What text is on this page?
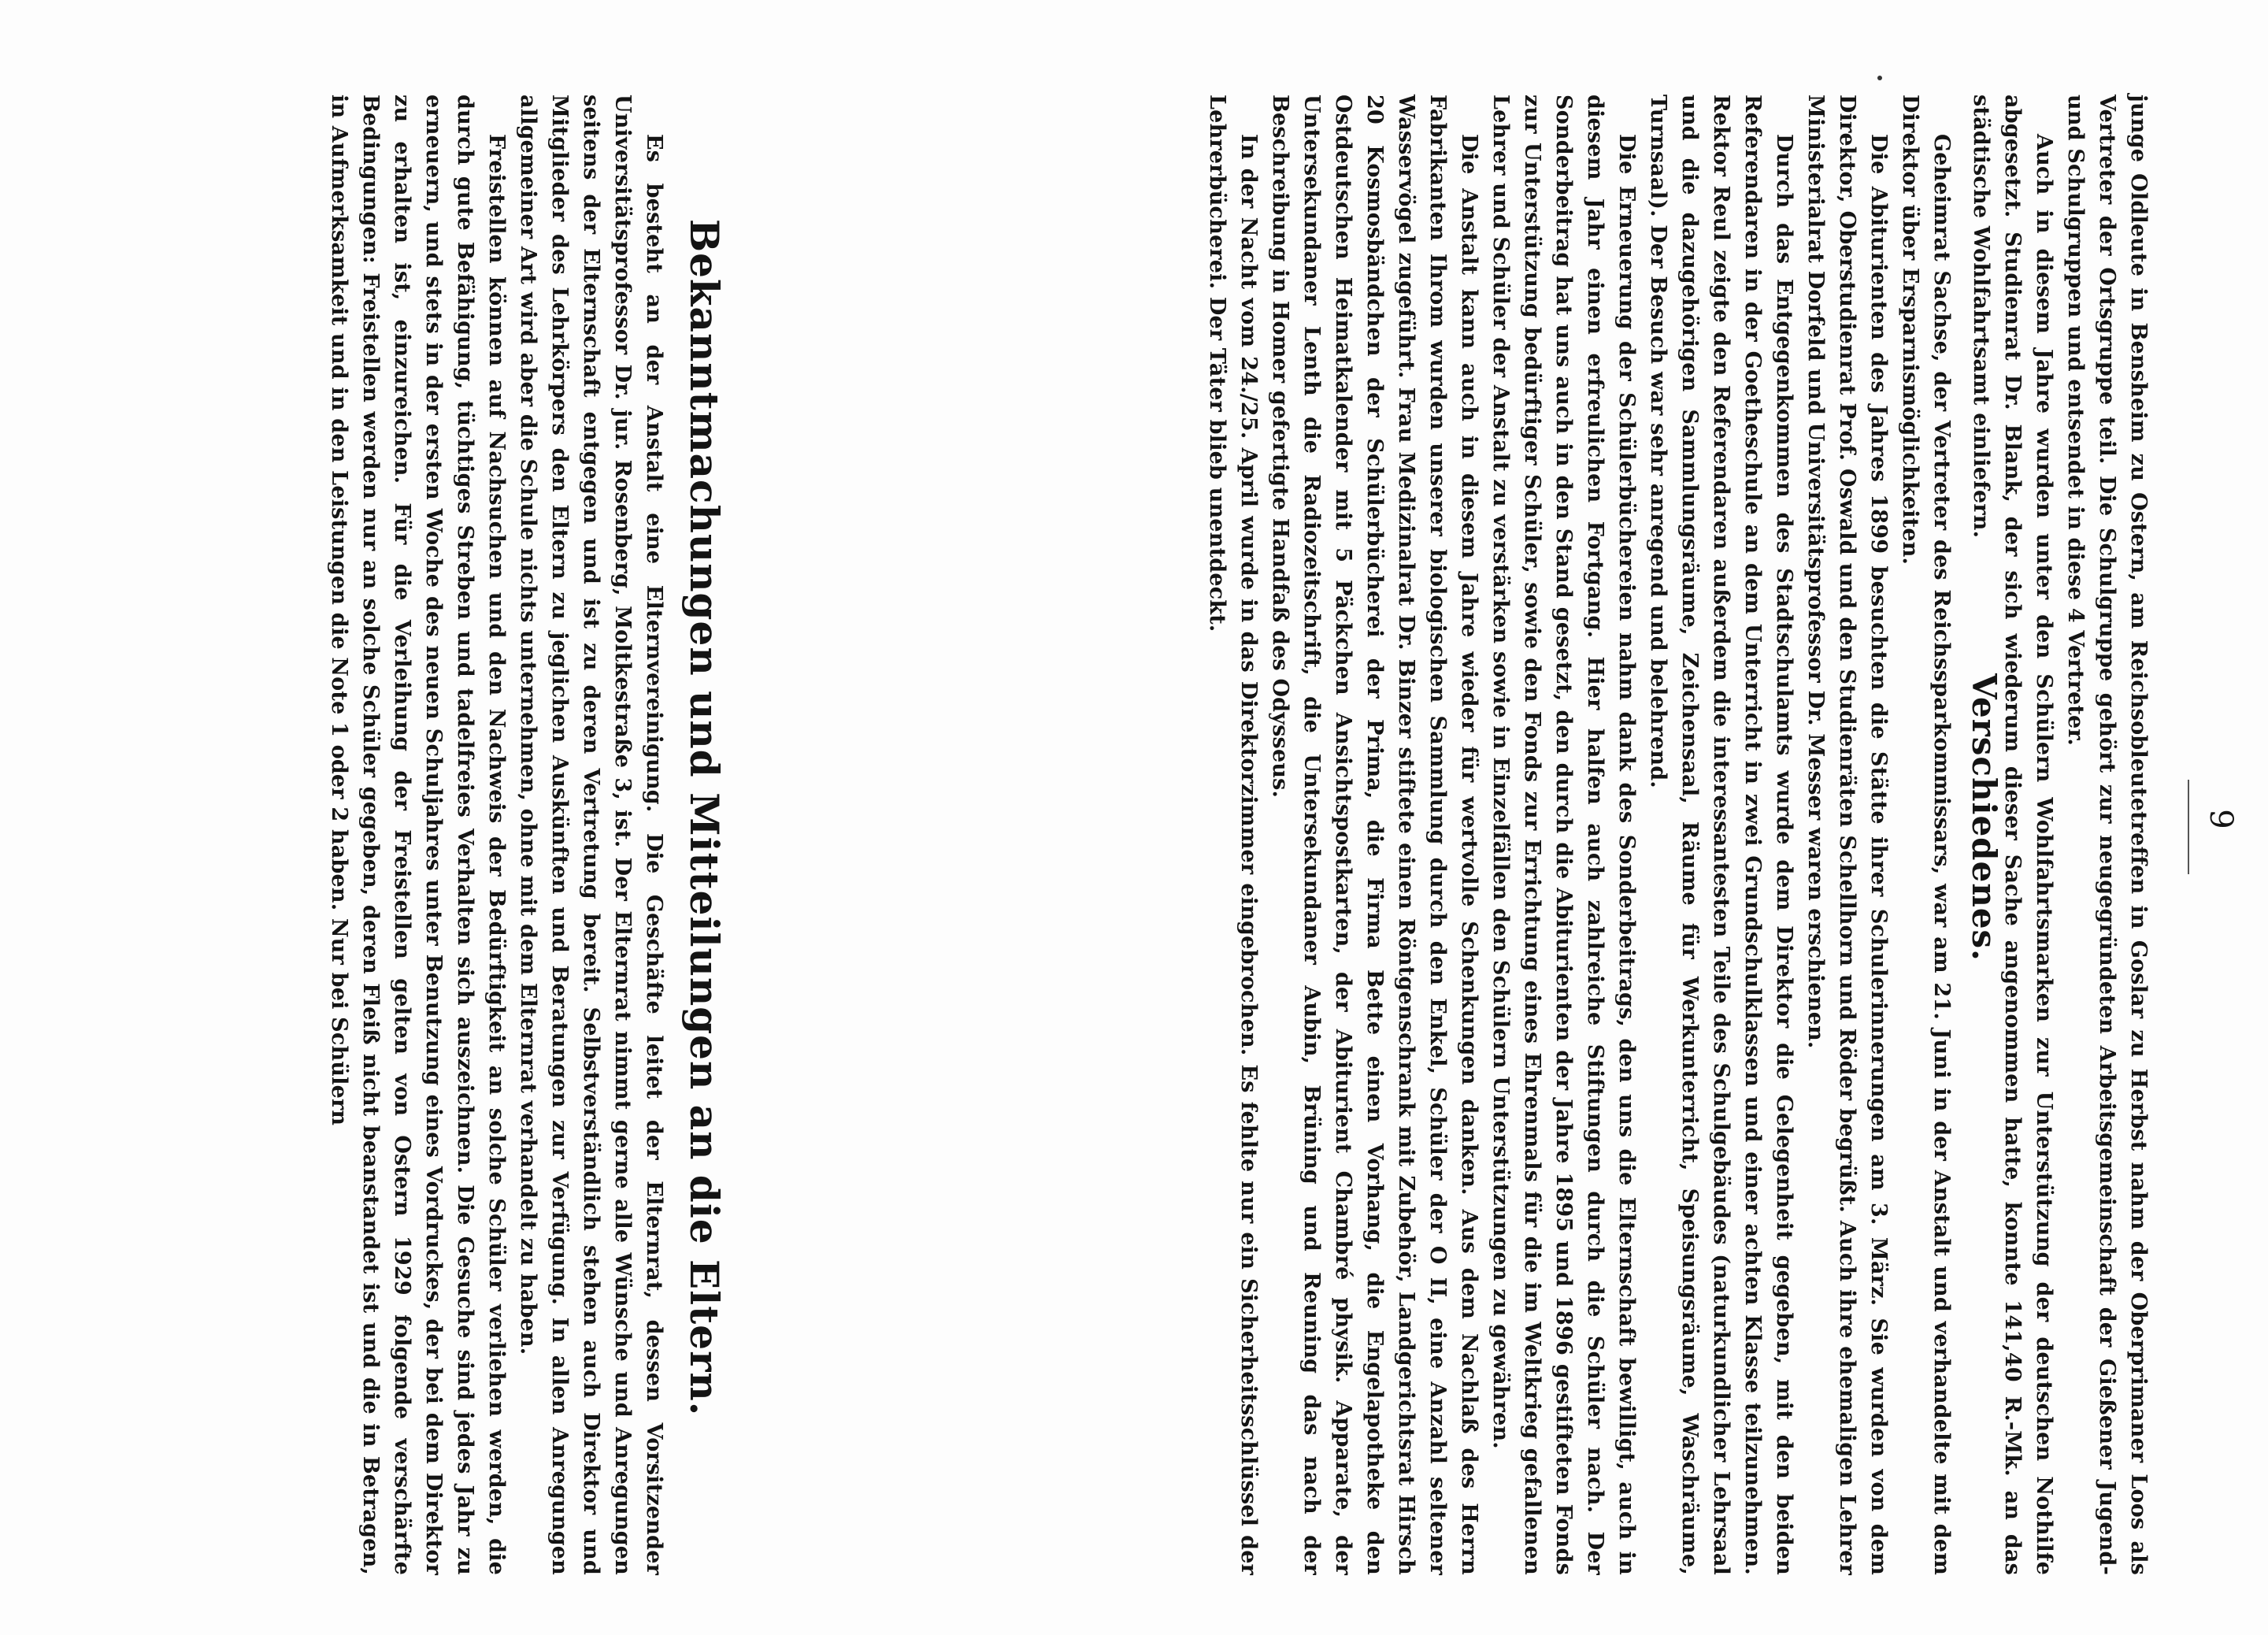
9

junge Oldleute in Bensheim zu Ostern, am Reichsobleutetreffen in Goslar zu Herbst nahm der Oberprimaner Loos als Vertreter der Ortsgruppe teil. Die Schulgruppe gehört zur neugegründeten Arbeitsgemeinschaft der Gießener Jugend- und Schulgruppen und entsendet in diese 4 Vertreter.

Auch in diesem Jahre wurden unter den Schülern Wohlfahrtsmarken zur Unterstützung der deutschen Nothilfe abgesetzt. Studienrat Dr. Blank, der sich wiederum dieser Sache angenommen hatte, konnte 141,40 R.-Mk. an das städtische Wohlfahrtsamt einliefern.

Verschiedenes.

Geheimrat Sachse, der Vertreter des Reichssparkommissars, war am 21. Juni in der Anstalt und verhandelte mit dem Direktor über Ersparnismöglichkeiten.

Die Abiturienten des Jahres 1899 besuchten die Stätte ihrer Schulerinnerungen am 3. März. Sie wurden von dem Direktor, Oberstudienrat Prof. Oswald und den Studienräten Schellhorn und Röder begrüßt. Auch ihre ehemaligen Lehrer Ministerialrat Dorfeld und Universitätsprofessor Dr. Messer waren erschienen.

Durch das Entgegenkommen des Stadtschulamts wurde dem Direktor die Gelegenheit gegeben, mit den beiden Referendaren in der Goetheschule an dem Unterricht in zwei Grundschulklassen und einer achten Klasse teilzunehmen. Rektor Reul zeigte den Referendaren außerdem die interessantesten Teile des Schulgebäudes (naturkundlicher Lehrsaal und die dazugehörigen Sammlungsräume, Zeichensaal, Räume für Werkunterricht, Speisungsräume, Waschräume, Turnsaal). Der Besuch war sehr anregend und belehrend.

Die Erneuerung der Schülerbüchereien nahm dank des Sonderbeitrags, den uns die Elternschaft bewilligt, auch in diesem Jahr einen erfreulichen Fortgang. Hier halfen auch zahlreiche Stiftungen durch die Schüler nach. Der Sonderbeitrag hat uns auch in den Stand gesetzt, den durch die Abiturienten der Jahre 1895 und 1896 gestifteten Fonds zur Unterstützung bedürftiger Schüler, sowie den Fonds zur Errichtung eines Ehrenmals für die im Weltkrieg gefallenen Lehrer und Schüler der Anstalt zu verstärken sowie in Einzelfällen den Schülern Unterstützungen zu gewähren.

Die Anstalt kann auch in diesem Jahre wieder für wertvolle Schenkungen danken. Aus dem Nachlaß des Herrn Fabrikanten Ihrom wurden unserer biologischen Sammlung durch den Enkel, Schüler der O II, eine Anzahl seltener Wasservögel zugeführt. Frau Medizinalrat Dr. Binzer stiftete einen Röntgenschrank mit Zubehör, Landgerichtsrat Hirsch 20 Kosmosbändchen der Schülerbücherei der Prima, die Firma Bette einen Vorhang, die Engelapotheke den Ostdeutschen Heimatkalender mit 5 Päckchen Ansichtspostkarten, der Abiturient Chambré physik. Apparate, der Untersekundaner Lenth die Radiozeitschrift, die Untersekundaner Aubin, Brüning und Reuning das nach der Beschreibung in Homer gefertigte Handfaß des Odysseus.

In der Nacht vom 24./25. April wurde in das Direktorzimmer eingebrochen. Es fehlte nur ein Sicherheitsschlüssel der Lehrerbücherei. Der Täter blieb unentdeckt.

Bekanntmachungen und Mitteilungen an die Eltern.

Es besteht an der Anstalt eine Elternvereinigung. Die Geschäfte leitet der Elternrat, dessen Vorsitzender Universitätsprofessor Dr. jur. Rosenberg, Moltkestraße 3, ist. Der Elternrat nimmt gerne alle Wünsche und Anregungen seitens der Elternschaft entgegen und ist zu deren Vertretung bereit. Selbstverständlich stehen auch Direktor und Mitglieder des Lehrkörpers den Eltern zu jeglichen Auskünften und Beratungen zur Verfügung. In allen Anregungen allgemeiner Art wird aber die Schule nichts unternehmen, ohne mit dem Elternrat verhandelt zu haben.

Freistellen können auf Nachsuchen und den Nachweis der Bedürftigkeit an solche Schüler verliehen werden, die durch gute Befähigung, tüchtiges Streben und tadelfreies Verhalten sich auszeichnen. Die Gesuche sind jedes Jahr zu erneuern, und stets in der ersten Woche des neuen Schuljahres unter Benutzung eines Vordruckes, der bei dem Direktor zu erhalten ist, einzureichen. Für die Verleihung der Freistellen gelten von Ostern 1929 folgende verschärfte Bedingungen: Freistellen werden nur an solche Schüler gegeben, deren Fleiß nicht beanstandet ist und die in Betragen, in Aufmerksamkeit und in den Leistungen die Note 1 oder 2 haben. Nur bei Schülern
